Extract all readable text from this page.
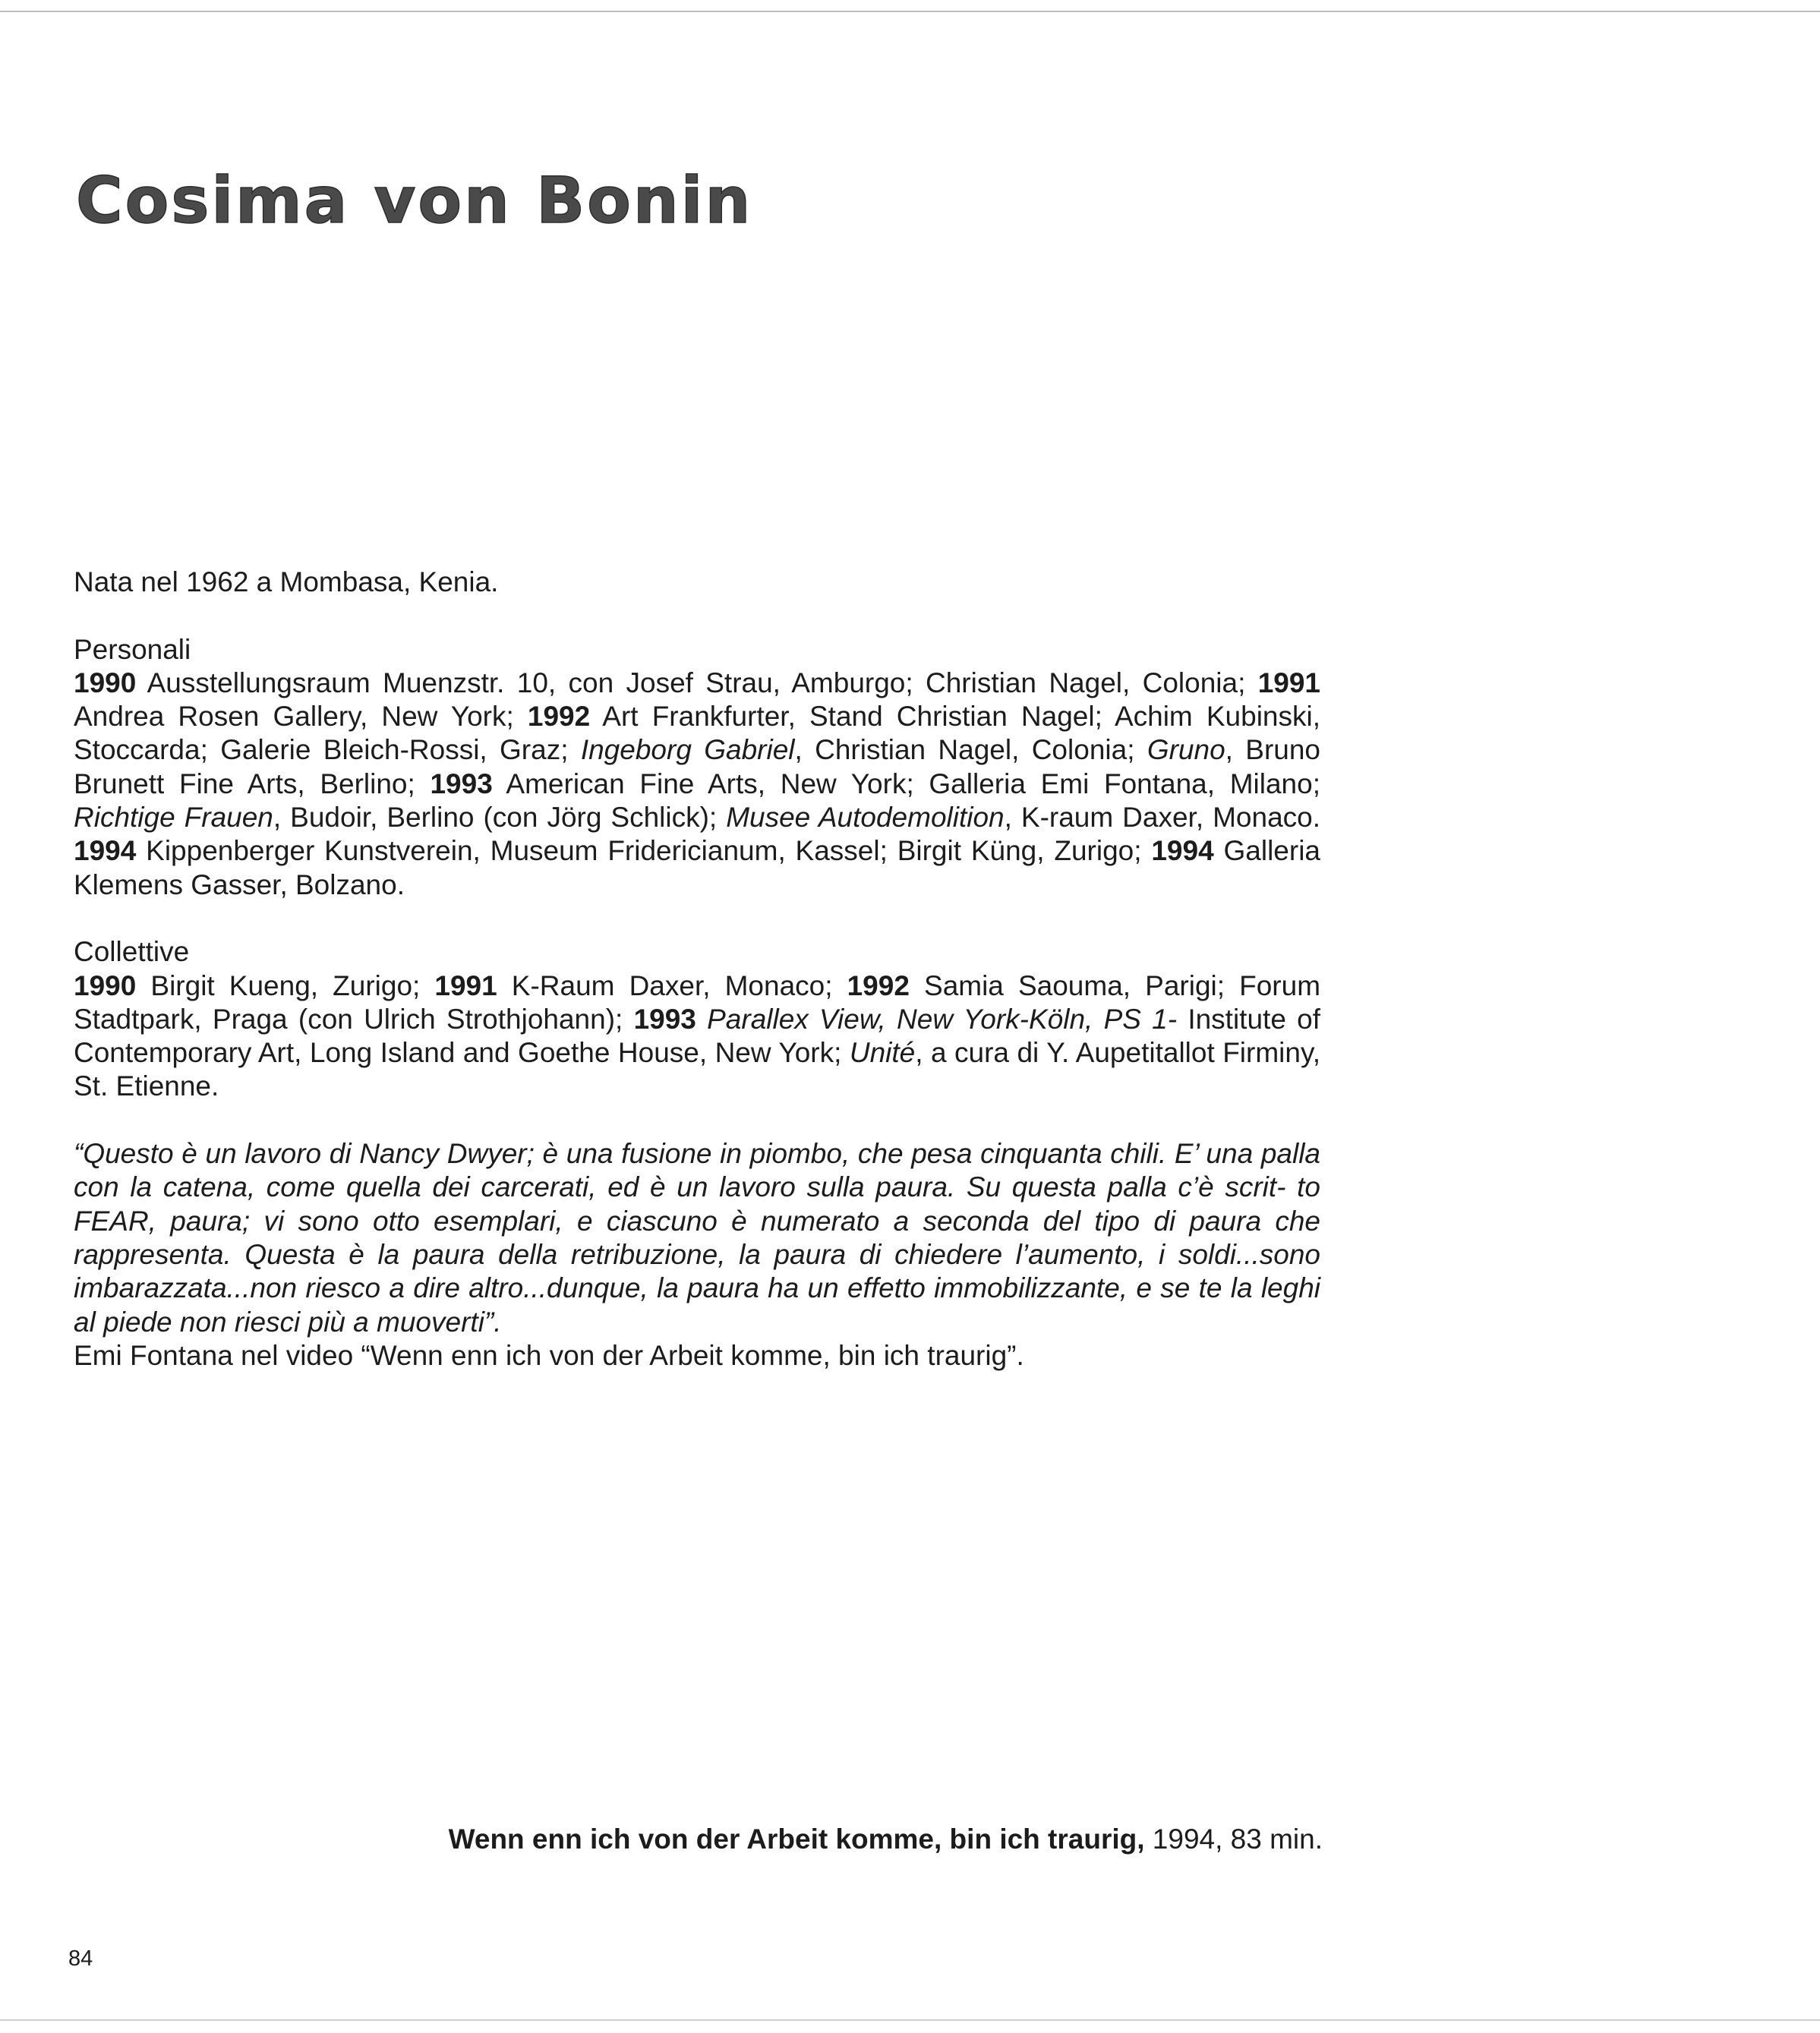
Cosima von Bonin

Nata nel 1962 a Mombasa, Kenia.

Personali

1990 Ausstellungsraum Muenzstr. 10, con Josef Strau, Amburgo; Christian Nagel, Colonia; 1991 Andrea Rosen Gallery, New York; 1992 Art Frankfurter, Stand Christian Nagel; Achim Kubinski, Stoccarda; Galerie Bleich-Rossi, Graz; Ingeborg Gabriel, Christian Nagel, Colonia; Gruno, Bruno Brunett Fine Arts, Berlino; 1993 American Fine Arts, New York; Galleria Emi Fontana, Milano; Richtige Frauen, Budoir, Berlino (con Jörg Schlick); Musee Autodemolition, K-raum Daxer, Monaco. 1994 Kippenberger Kunstverein, Museum Fridericianum, Kassel; Birgit Küng, Zurigo; 1994 Galleria Klemens Gasser, Bolzano.

Collettive

1990 Birgit Kueng, Zurigo; 1991 K-Raum Daxer, Monaco; 1992 Samia Saouma, Parigi; Forum Stadtpark, Praga (con Ulrich Strothjohann); 1993 Parallex View, New York-Köln, PS 1- Institute of Contemporary Art, Long Island and Goethe House, New York; Unité, a cura di Y. Aupetitallot Firminy, St. Etienne.

“Questo è un lavoro di Nancy Dwyer; è una fusione in piombo, che pesa cinquanta chili. E’ una palla con la catena, come quella dei carcerati, ed è un lavoro sulla paura. Su questa palla c’è scrit- to FEAR, paura; vi sono otto esemplari, e ciascuno è numerato a seconda del tipo di paura che rappresenta. Questa è la paura della retribuzione, la paura di chiedere l’aumento, i soldi...sono imbarazzata...non riesco a dire altro...dunque, la paura ha un effetto immobilizzante, e se te la leghi al piede non riesci più a muoverti”.

Emi Fontana nel video “Wenn enn ich von der Arbeit komme, bin ich traurig”.

Wenn enn ich von der Arbeit komme, bin ich traurig, 1994, 83 min.
84
